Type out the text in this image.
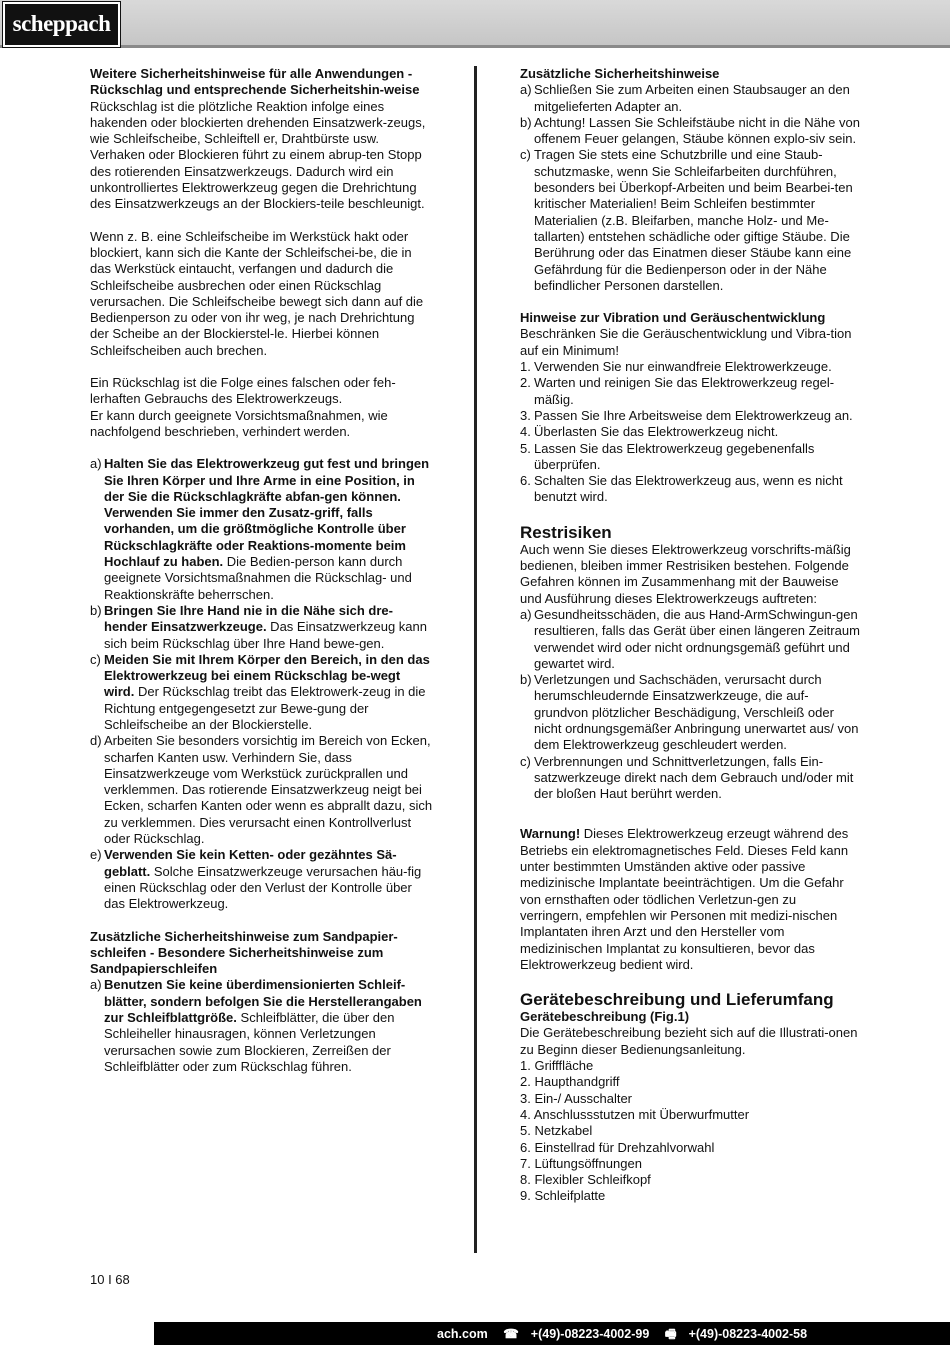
scheppach

Weitere Sicherheitshinweise für alle Anwendungen -Rückschlag und entsprechende Sicherheitshin-weise

Rückschlag ist die plötzliche Reaktion infolge eines hakenden oder blockierten drehenden Einsatzwerk-zeugs, wie Schleifscheibe, Schleiftell er, Drahtbürste usw. Verhaken oder Blockieren führt zu einem abrup-ten Stopp des rotierenden Einsatzwerkzeugs. Dadurch wird ein unkontrolliertes Elektrowerkzeug gegen die Drehrichtung des Einsatzwerkzeugs an der Blockiers-teile beschleunigt.

Wenn z. B. eine Schleifscheibe im Werkstück hakt oder blockiert, kann sich die Kante der Schleifschei-be, die in das Werkstück eintaucht, verfangen und dadurch die Schleifscheibe ausbrechen oder einen Rückschlag verursachen. Die Schleifscheibe bewegt sich dann auf die Bedienperson zu oder von ihr weg, je nach Drehrichtung der Scheibe an der Blockierstel-le. Hierbei können Schleifscheiben auch brechen.

Ein Rückschlag ist die Folge eines falschen oder feh-lerhaften Gebrauchs des Elektrowerkzeugs.

Er kann durch geeignete Vorsichtsmaßnahmen, wie nachfolgend beschrieben, verhindert werden.

a) Halten Sie das Elektrowerkzeug gut fest und bringen Sie Ihren Körper und Ihre Arme in eine Position, in der Sie die Rückschlagkräfte abfan-gen können. Verwenden Sie immer den Zusatz-griff, falls vorhanden, um die größtmögliche Kontrolle über Rückschlagkräfte oder Reaktions-momente beim Hochlauf zu haben. Die Bedien-person kann durch geeignete Vorsichtsmaßnahmen die Rückschlag- und Reaktionskräfte beherrschen.
b) Bringen Sie Ihre Hand nie in die Nähe sich dre-hender Einsatzwerkzeuge. Das Einsatzwerkzeug kann sich beim Rückschlag über Ihre Hand bewe-gen.
c) Meiden Sie mit Ihrem Körper den Bereich, in den das Elektrowerkzeug bei einem Rückschlag be-wegt wird. Der Rückschlag treibt das Elektrowerk-zeug in die Richtung entgegengesetzt zur Bewe-gung der Schleifscheibe an der Blockierstelle.
d) Arbeiten Sie besonders vorsichtig im Bereich von Ecken, scharfen Kanten usw. Verhindern Sie, dass Einsatzwerkzeuge vom Werkstück zurückprallen und verklemmen. Das rotierende Einsatzwerkzeug neigt bei Ecken, scharfen Kanten oder wenn es abprallt dazu, sich zu verklemmen. Dies verursacht einen Kontrollverlust oder Rückschlag.
e) Verwenden Sie kein Ketten- oder gezähntes Sä-geblatt. Solche Einsatzwerkzeuge verursachen häu-fig einen Rückschlag oder den Verlust der Kontrolle über das Elektrowerkzeug.

Zusätzliche Sicherheitshinweise zum Sandpapier-schleifen - Besondere Sicherheitshinweise zum Sandpapierschleifen

a) Benutzen Sie keine überdimensionierten Schleif-blätter, sondern befolgen Sie die Herstellerangaben zur Schleifblattgröße. Schleifblätter, die über den Schleiheller hinausragen, können Verletzungen verursachen sowie zum Blockieren, Zerreißen der Schleifblätter oder zum Rückschlag führen.

Zusätzliche Sicherheitshinweise

a) Schließen Sie zum Arbeiten einen Staubsauger an den mitgelieferten Adapter an.
b) Achtung! Lassen Sie Schleifstäube nicht in die Nähe von offenem Feuer gelangen, Stäube können explo-siv sein.
c) Tragen Sie stets eine Schutzbrille und eine Staub-schutzmaske, wenn Sie Schleifarbeiten durchführen, besonders bei Überkopf-Arbeiten und beim Bearbei-ten kritischer Materialien! Beim Schleifen bestimmter Materialien (z.B. Bleifarben, manche Holz- und Me-tallarten) entstehen schädliche oder giftige Stäube. Die Berührung oder das Einatmen dieser Stäube kann eine Gefährdung für die Bedienperson oder in der Nähe befindlicher Personen darstellen.

Hinweise zur Vibration und Geräuschentwicklung

Beschränken Sie die Geräuschentwicklung und Vibra-tion auf ein Minimum!

1. Verwenden Sie nur einwandfreie Elektrowerkzeuge.
2. Warten und reinigen Sie das Elektrowerkzeug regel-mäßig.
3. Passen Sie Ihre Arbeitsweise dem Elektrowerkzeug an.
4. Überlasten Sie das Elektrowerkzeug nicht.
5. Lassen Sie das Elektrowerkzeug gegebenenfalls überprüfen.
6. Schalten Sie das Elektrowerkzeug aus, wenn es nicht benutzt wird.

Restrisiken

Auch wenn Sie dieses Elektrowerkzeug vorschrifts-mäßig bedienen, bleiben immer Restrisiken bestehen. Folgende Gefahren können im Zusammenhang mit der Bauweise und Ausführung dieses Elektrowerkzeugs auftreten:

a) Gesundheitsschäden, die aus Hand-ArmSchwingun-gen resultieren, falls das Gerät über einen längeren Zeitraum verwendet wird oder nicht ordnungsgemäß geführt und gewartet wird.
b) Verletzungen und Sachschäden, verursacht durch herumschleudernde Einsatzwerkzeuge, die auf-grundvon plötzlicher Beschädigung, Verschleiß oder nicht ordnungsgemäßer Anbringung unerwartet aus/ von dem Elektrowerkzeug geschleudert werden.
c) Verbrennungen und Schnittverletzungen, falls Ein-satzwerkzeuge direkt nach dem Gebrauch und/oder mit der bloßen Haut berührt werden.

Warnung! Dieses Elektrowerkzeug erzeugt während des Betriebs ein elektromagnetisches Feld. Dieses Feld kann unter bestimmten Umständen aktive oder passive medizinische Implantate beeinträchtigen. Um die Gefahr von ernsthaften oder tödlichen Verletzun-gen zu verringern, empfehlen wir Personen mit medizi-nischen Implantaten ihren Arzt und den Hersteller vom medizinischen Implantat zu konsultieren, bevor das Elektrowerkzeug bedient wird.

Gerätebeschreibung und Lieferumfang

Gerätebeschreibung (Fig.1)

Die Gerätebeschreibung bezieht sich auf die Illustrati-onen zu Beginn dieser Bedienungsanleitung.

1. Grifffläche

2. Haupthandgriff

3. Ein-/ Ausschalter

4. Anschlussstutzen mit Überwurfmutter

5. Netzkabel

6. Einstellrad für Drehzahlvorwahl

7. Lüftungsöffnungen

8. Flexibler Schleifkopf

9. Schleifplatte

10 I 68
ach.com ☎ +(49)-08223-4002-99 🖷 +(49)-08223-4002-58
